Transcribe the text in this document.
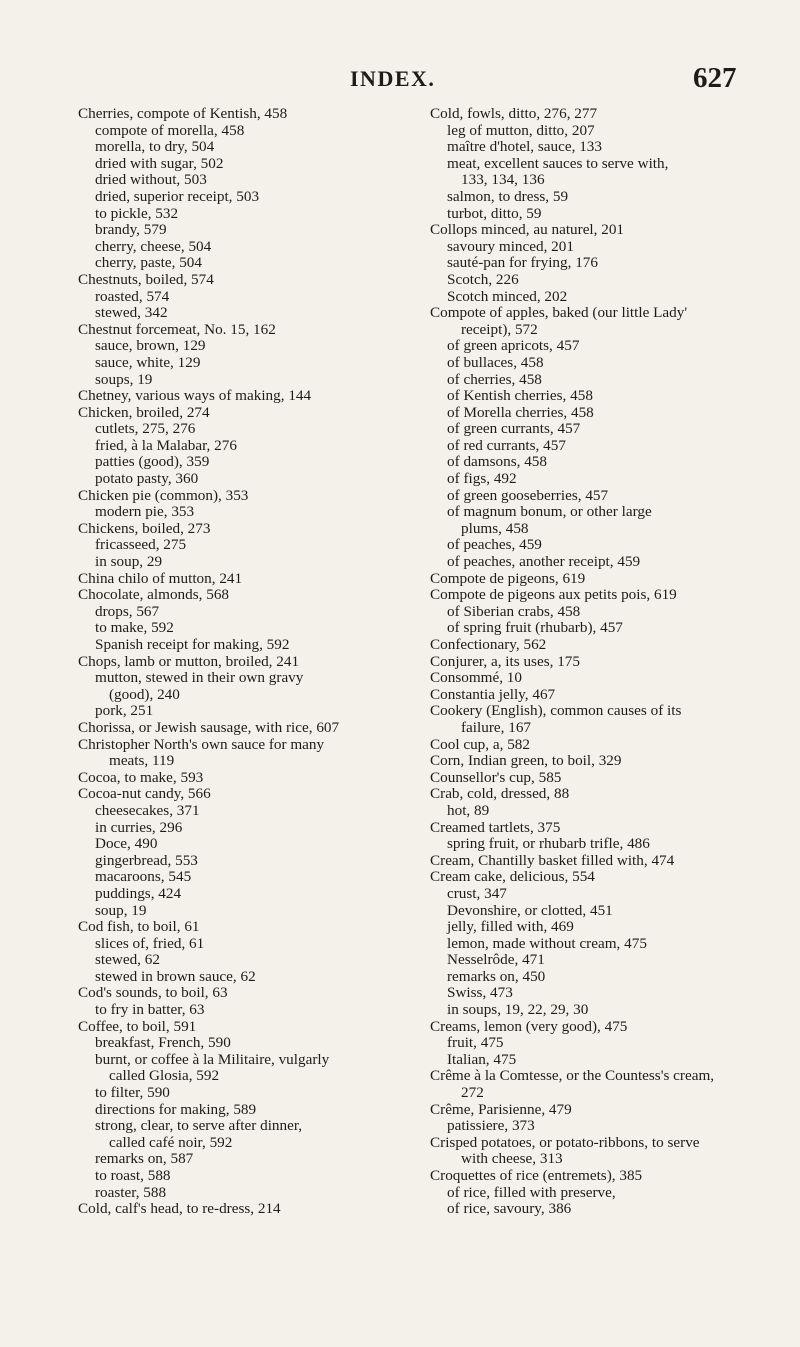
INDEX.	627
Cherries, compote of Kentish, 458
compote of morella, 458
morella, to dry, 504
dried with sugar, 502
dried without, 503
dried, superior receipt, 503
to pickle, 532
brandy, 579
cherry, cheese, 504
cherry, paste, 504
Chestnuts, boiled, 574
roasted, 574
stewed, 342
Chestnut forcemeat, No. 15, 162
sauce, brown, 129
sauce, white, 129
soups, 19
Chetney, various ways of making, 144
Chicken, broiled, 274
cutlets, 275, 276
fried, à la Malabar, 276
patties (good), 359
potato pasty, 360
Chicken pie (common), 353
modern pie, 353
Chickens, boiled, 273
fricasseed, 275
in soup, 29
China chilo of mutton, 241
Chocolate, almonds, 568
drops, 567
to make, 592
Spanish receipt for making, 592
Chops, lamb or mutton, broiled, 241
mutton, stewed in their own gravy
(good), 240
pork, 251
Chorissa, or Jewish sausage, with rice, 607
Christopher North's own sauce for many
meats, 119
Cocoa, to make, 593
Cocoa-nut candy, 566
cheesecakes, 371
in curries, 296
Doce, 490
gingerbread, 553
macaroons, 545
puddings, 424
soup, 19
Cod fish, to boil, 61
slices of, fried, 61
stewed, 62
stewed in brown sauce, 62
Cod's sounds, to boil, 63
to fry in batter, 63
Coffee, to boil, 591
breakfast, French, 590
burnt, or coffee à la Militaire, vulgarly
called Glosia, 592
to filter, 590
directions for making, 589
strong, clear, to serve after dinner,
called café noir, 592
remarks on, 587
to roast, 588
roaster, 588
Cold, calf's head, to re-dress, 214
Cold, fowls, ditto, 276, 277
leg of mutton, ditto, 207
maître d'hotel, sauce, 133
meat, excellent sauces to serve with,
133, 134, 136
salmon, to dress, 59
turbot, ditto, 59
Collops minced, au naturel, 201
savoury minced, 201
sauté-pan for frying, 176
Scotch, 226
Scotch minced, 202
Compote of apples, baked (our little Lady'
receipt), 572
of green apricots, 457
of bullaces, 458
of cherries, 458
of Kentish cherries, 458
of Morella cherries, 458
of green currants, 457
of red currants, 457
of damsons, 458
of figs, 492
of green gooseberries, 457
of magnum bonum, or other large
plums, 458
of peaches, 459
of peaches, another receipt, 459
Compote de pigeons, 619
Compote de pigeons aux petits pois, 619
of Siberian crabs, 458
of spring fruit (rhubarb), 457
Confectionary, 562
Conjurer, a, its uses, 175
Consommé, 10
Constantia jelly, 467
Cookery (English), common causes of its
failure, 167
Cool cup, a, 582
Corn, Indian green, to boil, 329
Counsellor's cup, 585
Crab, cold, dressed, 88
hot, 89
Creamed tartlets, 375
spring fruit, or rhubarb trifle, 486
Cream, Chantilly basket filled with, 474
Cream cake, delicious, 554
crust, 347
Devonshire, or clotted, 451
jelly, filled with, 469
lemon, made without cream, 475
Nesselrôde, 471
remarks on, 450
Swiss, 473
in soups, 19, 22, 29, 30
Creams, lemon (very good), 475
fruit, 475
Italian, 475
Crême à la Comtesse, or the Countess's cream,
272
Crême, Parisienne, 479
patissiere, 373
Crisped potatoes, or potato-ribbons, to serve
with cheese, 313
Croquettes of rice (entremets), 385
of rice, filled with preserve,
of rice, savoury, 386
